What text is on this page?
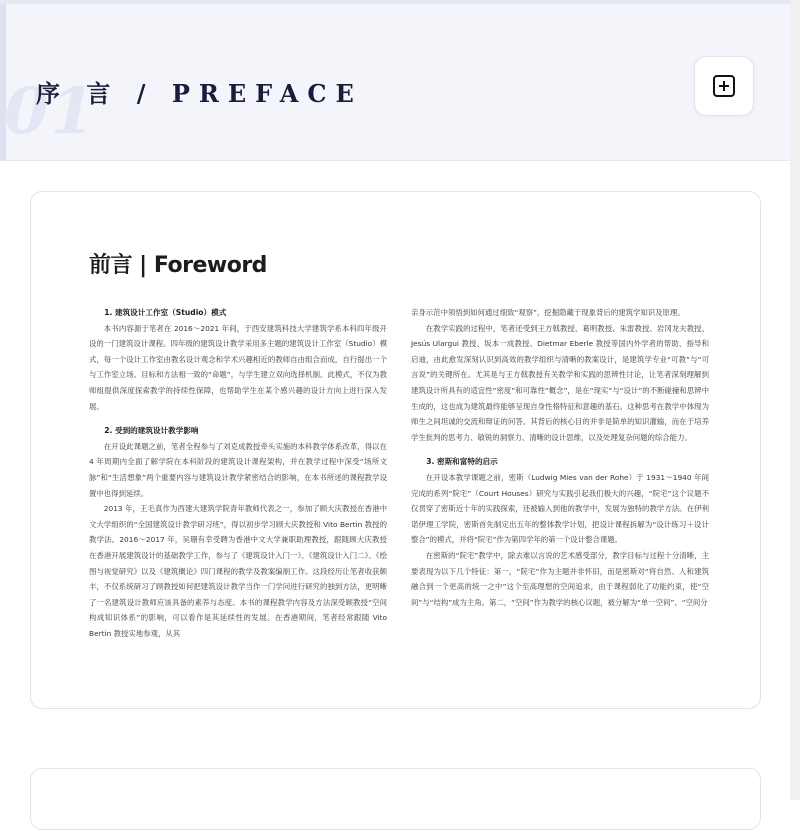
01
序 言 / PREFACE
前言 | Foreword
1. 建筑设计工作室（Studio）模式

本书内容源于笔者在 2016～2021 年间，于西安建筑科技大学建筑学系本科四年级开设的一门建筑设计课程。四年级的建筑设计教学采用多主题的建筑设计工作室（Studio）模式，每一个设计工作室由教名设计观念和学术兴趣相近的教师自由组合而成，自行提出一个与工作室立场、目标和方法相一致的“命题”，与学生建立双向选择机制。此模式，不仅为教师组提供深度探索教学的持续性保障，也帮助学生在某个感兴趣的设计方向上进行深入发展。

2. 受到的建筑设计教学影响

在开设此课题之前，笔者全程参与了刘克成教授牵头实施的本科教学体系改革，得以在 4 年周期内全面了解学院在本科阶段的建筑设计课程架构，并在教学过程中深受“场所文脉”和“生活想象”两个重要内容与建筑设计教学紧密结合的影响，在本书所述的课程教学设置中也得到延续。

2013 年，王毛真作为西建大建筑学院青年教师代表之一，参加了顾大庆教授在香港中文大学组织的“全国建筑设计教学研习班”，得以初步学习顾大庆教授和 Vito Bertin 教授的教学法。2016～2017 年，吴珊有幸受聘为香港中文大学兼职助理教授，跟随顾大庆教授在香港开展建筑设计的基础教学工作，参与了《建筑设计入门一》、《建筑设计入门二》、《绘图与视觉研究》以及《建筑概论》四门课程的教学及教案编制工作。这段经历让笔者收获颇丰，不仅系统研习了顾教授如何把建筑设计教学当作一门学问进行研究的独到方法，更明晰了一名建筑设计教师应该具备的素养与态度。本书的课程教学内容及方法深受顾教授“空间构成知识体系”的影响，可以看作是其延续性的发展。在香港期间，笔者经常跟随 Vito Bertin 教授实地参观，从其

亲身示范中领悟到如何通过细致“观察”，挖掘隐藏于现象背后的建筑学知识及原理。

在教学实践的过程中，笔者还受到王方戟教授、葛明教授、朱雷教授、岩冈龙夫教授、Jesús Ulargui 教授、坂本一成教授、Dietmar Eberle 教授等国内外学者的帮助、指导和启迪，由此愈发深刻认识到高效的教学组织与清晰的教案设计，是建筑学专业“可教”与“可言说”的关键所在。尤其是与王方戟教授有关教学和实践的思辨性讨论，让笔者深刻理解到建筑设计所具有的适宜性“密度”和可靠性“概念”，是在“现实”与“设计”的不断碰撞和思辨中生成的，这也成为建筑最终能够呈现自身性格特征和意趣的基石。这种思考在教学中体现为师生之间坦诚的交流和辩证的问答。其背后的核心目的并非是简单的知识灌输，而在于培养学生批判的思考力、敏锐的洞察力、清晰的设计思维，以及处理复杂问题的综合能力。

3. 密斯和富特的启示

在开设本教学课题之前，密斯（Ludwig Mies van der Rohe）于 1931～1940 年间完成的系列“院宅”（Court Houses）研究与实践引起我们极大的兴趣，“院宅”这个议题不仅贯穿了密斯近十年的实践探索，还被输入到他的教学中，发展为独特的教学方法。在伊利诺伊理工学院，密斯首先制定出五年的整体教学计划，把设计课程拆解为“设计练习＋设计整合”的模式，并将“院宅”作为第四学年的第一个设计整合课题。

在密斯的“院宅”教学中，除去难以言说的艺术感受部分，教学目标与过程十分清晰，主要表现为以下几个特征：第一，“院宅”作为主题并非怀旧，而是密斯对“将自然、人和建筑融合到一个更高的统一之中”这个至高理想的空间追求，由于课程弱化了功能约束，使“空间”与“结构”成为主角。第二，“空间”作为教学的核心议题，被分解为“单一空间”、“空间分
